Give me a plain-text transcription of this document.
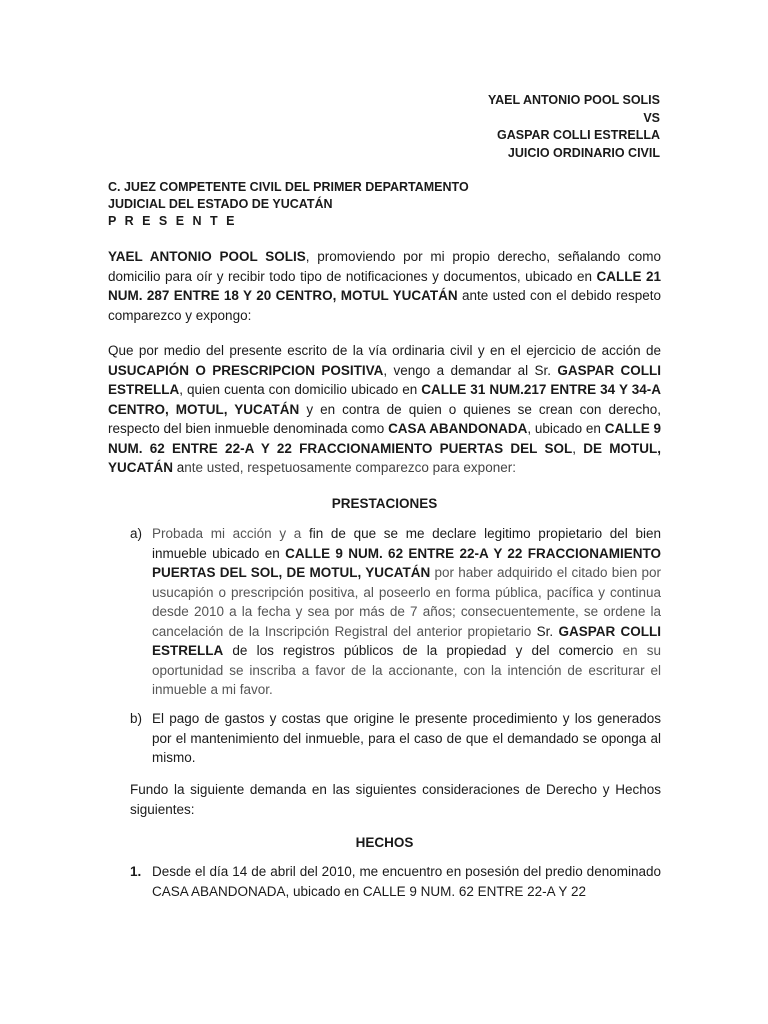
YAEL ANTONIO POOL SOLIS
VS
GASPAR COLLI ESTRELLA
JUICIO ORDINARIO CIVIL
C. JUEZ COMPETENTE CIVIL DEL PRIMER DEPARTAMENTO
JUDICIAL DEL ESTADO DE YUCATÁN
P R E S E N T E
YAEL ANTONIO POOL SOLIS, promoviendo por mi propio derecho, señalando como domicilio para oír y recibir todo tipo de notificaciones y documentos, ubicado en CALLE 21 NUM. 287 ENTRE 18 Y 20 CENTRO, MOTUL YUCATÁN ante usted con el debido respeto comparezco y expongo:
Que por medio del presente escrito de la vía ordinaria civil y en el ejercicio de acción de USUCAPIÓN O PRESCRIPCION POSITIVA, vengo a demandar al Sr. GASPAR COLLI ESTRELLA, quien cuenta con domicilio ubicado en CALLE 31 NUM.217 ENTRE 34 Y 34-A CENTRO, MOTUL, YUCATÁN y en contra de quien o quienes se crean con derecho, respecto del bien inmueble denominada como CASA ABANDONADA, ubicado en CALLE 9 NUM. 62 ENTRE 22-A Y 22 FRACCIONAMIENTO PUERTAS DEL SOL, DE MOTUL, YUCATÁN ante usted, respetuosamente comparezco para exponer:
PRESTACIONES
a) Probada mi acción y a fin de que se me declare legitimo propietario del bien inmueble ubicado en CALLE 9 NUM. 62 ENTRE 22-A Y 22 FRACCIONAMIENTO PUERTAS DEL SOL, DE MOTUL, YUCATÁN por haber adquirido el citado bien por usucapión o prescripción positiva, al poseerlo en forma pública, pacífica y continua desde 2010 a la fecha y sea por más de 7 años; consecuentemente, se ordene la cancelación de la Inscripción Registral del anterior propietario Sr. GASPAR COLLI ESTRELLA de los registros públicos de la propiedad y del comercio en su oportunidad se inscriba a favor de la accionante, con la intención de escriturar el inmueble a mi favor.
b) El pago de gastos y costas que origine le presente procedimiento y los generados por el mantenimiento del inmueble, para el caso de que el demandado se oponga al mismo.
Fundo la siguiente demanda en las siguientes consideraciones de Derecho y Hechos siguientes:
HECHOS
1. Desde el día 14 de abril del 2010, me encuentro en posesión del predio denominado CASA ABANDONADA, ubicado en CALLE 9 NUM. 62 ENTRE 22-A Y 22
